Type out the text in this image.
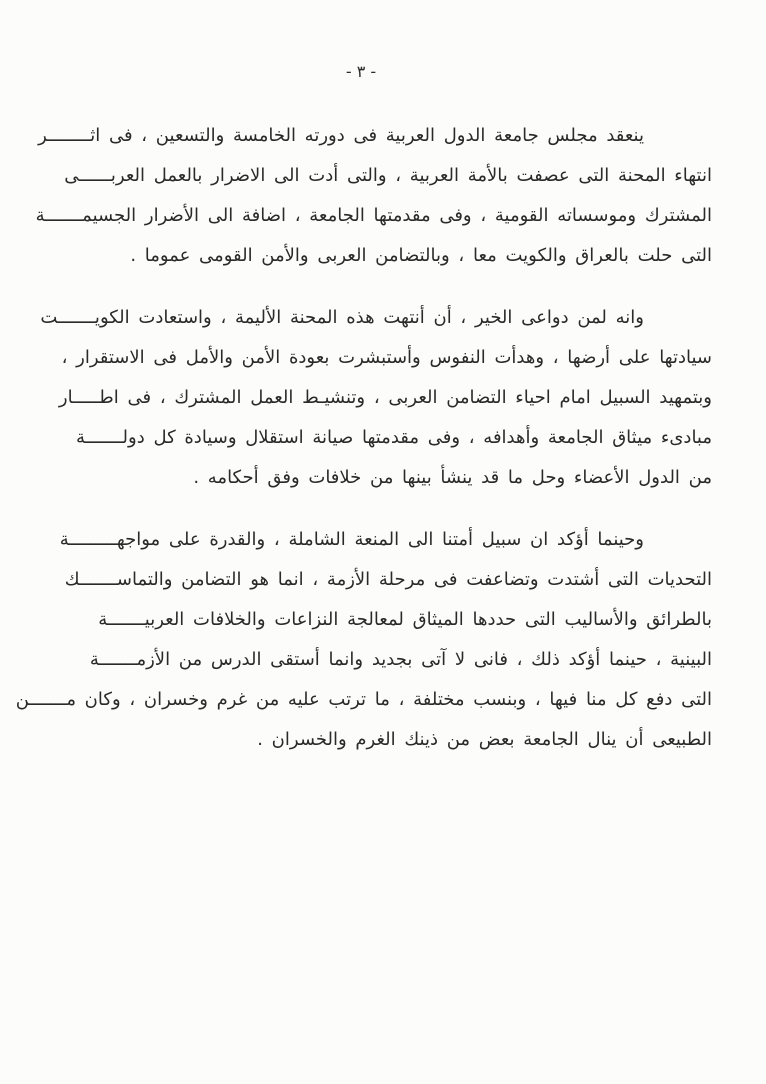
- ٣ -
ينعقد مجلس جامعة الدول العربية فى دورته الخامسة والتسعين ، فى اثــــــــر
انتهاء المحنة التى عصفت بالأمة العربية ، والتى أدت الى الاضرار بالعمل العربــــــى
المشترك وموسساته القومية ، وفى مقدمتها الجامعة ، اضافة الى الأضرار الجسيمـــــــة
التى حلت بالعراق والكويت معا ، وبالتضامن العربى والأمن القومى عموما .
وانه لمن دواعى الخير ، أن أنتهت هذه المحنة الأليمة ، واستعادت الكويـــــــت
سيادتها على أرضها ، وهدأت النفوس وأستبشرت بعودة الأمن والأمل فى الاستقرار ،
وبتمهيد السبيل امام احياء التضامن العربى ، وتنشيـط العمل المشترك ، فى اطـــــار
مبادىء ميثاق الجامعة وأهدافه ، وفى مقدمتها صيانة استقلال وسيادة كل دولـــــــة
من الدول الأعضاء وحل ما قد ينشأ بينها من خلافات وفق أحكامه .
وحينما أؤكد ان سبيل أمتنا الى المنعة الشاملة ، والقدرة على مواجهـــــــــة
التحديات التى أشتدت وتضاعفت فى مرحلة الأزمة ، انما هو التضامن والتماســـــــك
بالطرائق والأساليب التى حددها الميثاق لمعالجة النزاعات والخلافات العربيـــــــة
البينية ، حينما أؤكد ذلك ، فانى لا آتى بجديد وانما أستقى الدرس من الأزمـــــــة
التى دفع كل منا فيها ، وبنسب مختلفة ، ما ترتب عليه من غرم وخسران ، وكان مـــــــن
الطبيعى أن ينال الجامعة بعض من ذينك الغرم والخسران .
